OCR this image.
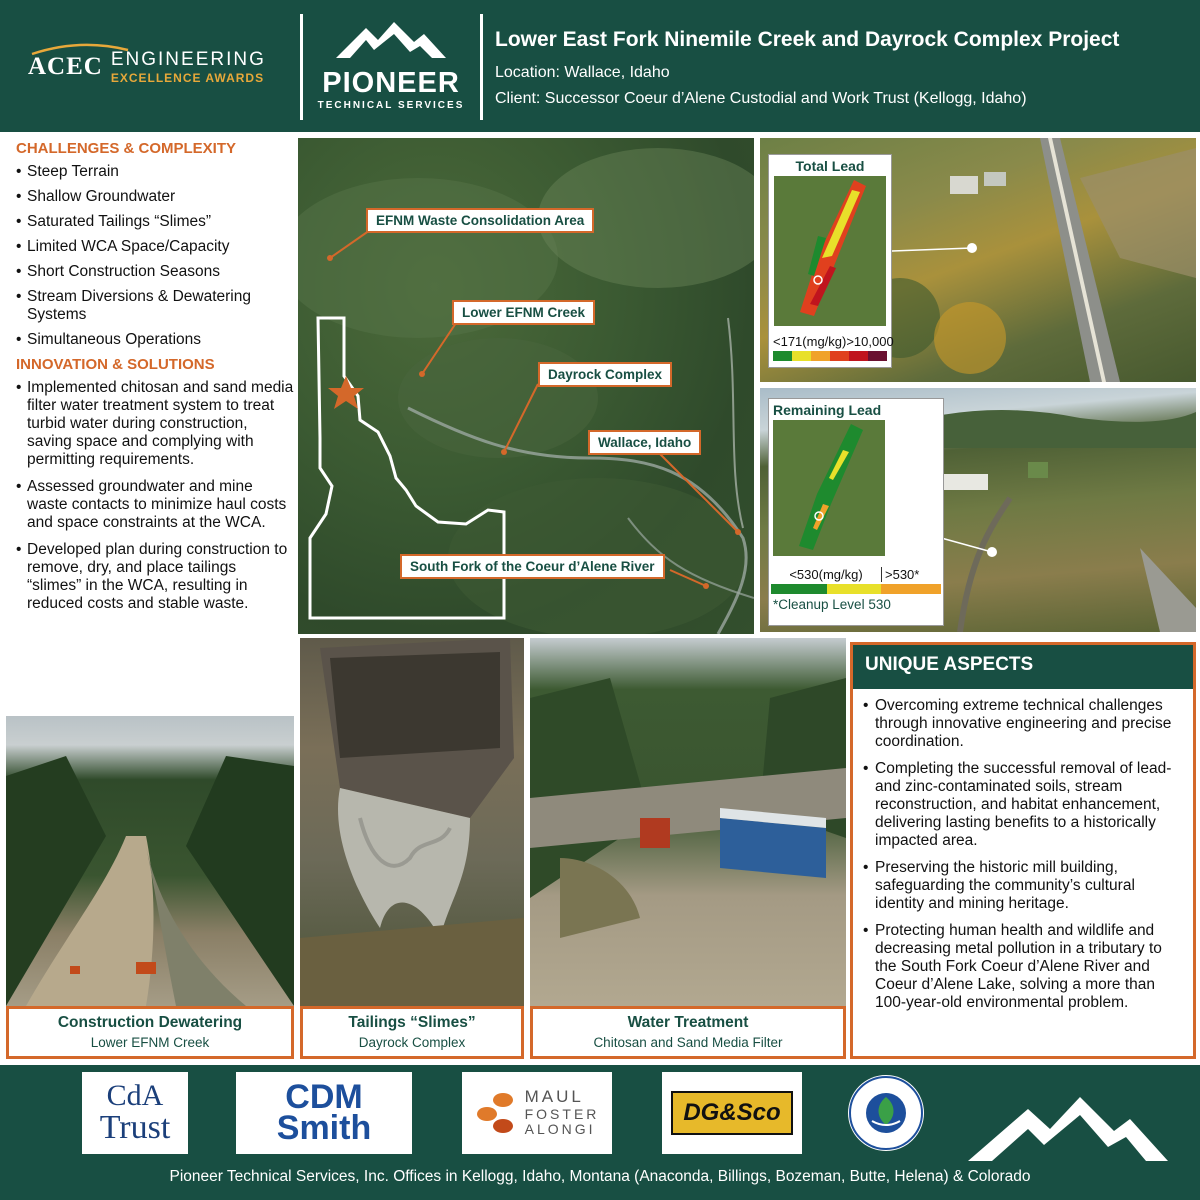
ACEC ENGINEERING
EXCELLENCE AWARDS PIONEER
TECHNICAL SERVICES
Lower East Fork Ninemile Creek and Dayrock Complex Project
Location: Wallace, Idaho
Client: Successor Coeur d’Alene Custodial and Work Trust (Kellogg, Idaho)
CHALLENGES & COMPLEXITY
• Steep Terrain
• Shallow Groundwater
• Saturated Tailings “Slimes”
• Limited WCA Space/Capacity
• Short Construction Seasons
• Stream Diversions & Dewatering Systems
• Simultaneous Operations
INNOVATION & SOLUTIONS
• Implemented chitosan and sand media filter water treatment system to treat turbid water during construction, saving space and complying with permitting requirements.
• Assessed groundwater and mine waste contacts to minimize haul costs and space constraints at the WCA.
• Developed plan during construction to remove, dry, and place tailings “slimes” in the WCA, resulting in reduced costs and stable waste.
EFNM Waste Consolidation Area
Lower EFNM Creek
Dayrock Complex
Wallace, Idaho
South Fork of the Coeur d’Alene River
Total Lead
<171(mg/kg) >10,000
Remaining Lead
<530(mg/kg)	>530*
*Cleanup Level 530
UNIQUE ASPECTS
• Overcoming extreme technical challenges through innovative engineering and precise coordination.
• Completing the successful removal of lead- and zinc-contaminated soils, stream reconstruction, and habitat enhancement, delivering lasting benefits to a historically impacted area.
• Preserving the historic mill building, safeguarding the community’s cultural identity and mining heritage.
• Protecting human health and wildlife and decreasing metal pollution in a tributary to the South Fork Coeur d’Alene River and Coeur d’Alene Lake, solving a more than 100-year-old environmental problem.
Construction Dewatering
Lower EFNM Creek
Tailings “Slimes”
Dayrock Complex
Water Treatment
Chitosan and Sand Media Filter
CdA
Trust
CDM
Smith
MAUL
FOSTER
ALONGI
DG&Sco
Pioneer Technical Services, Inc. Offices in Kellogg, Idaho, Montana (Anaconda, Billings, Bozeman, Butte, Helena) & Colorado
